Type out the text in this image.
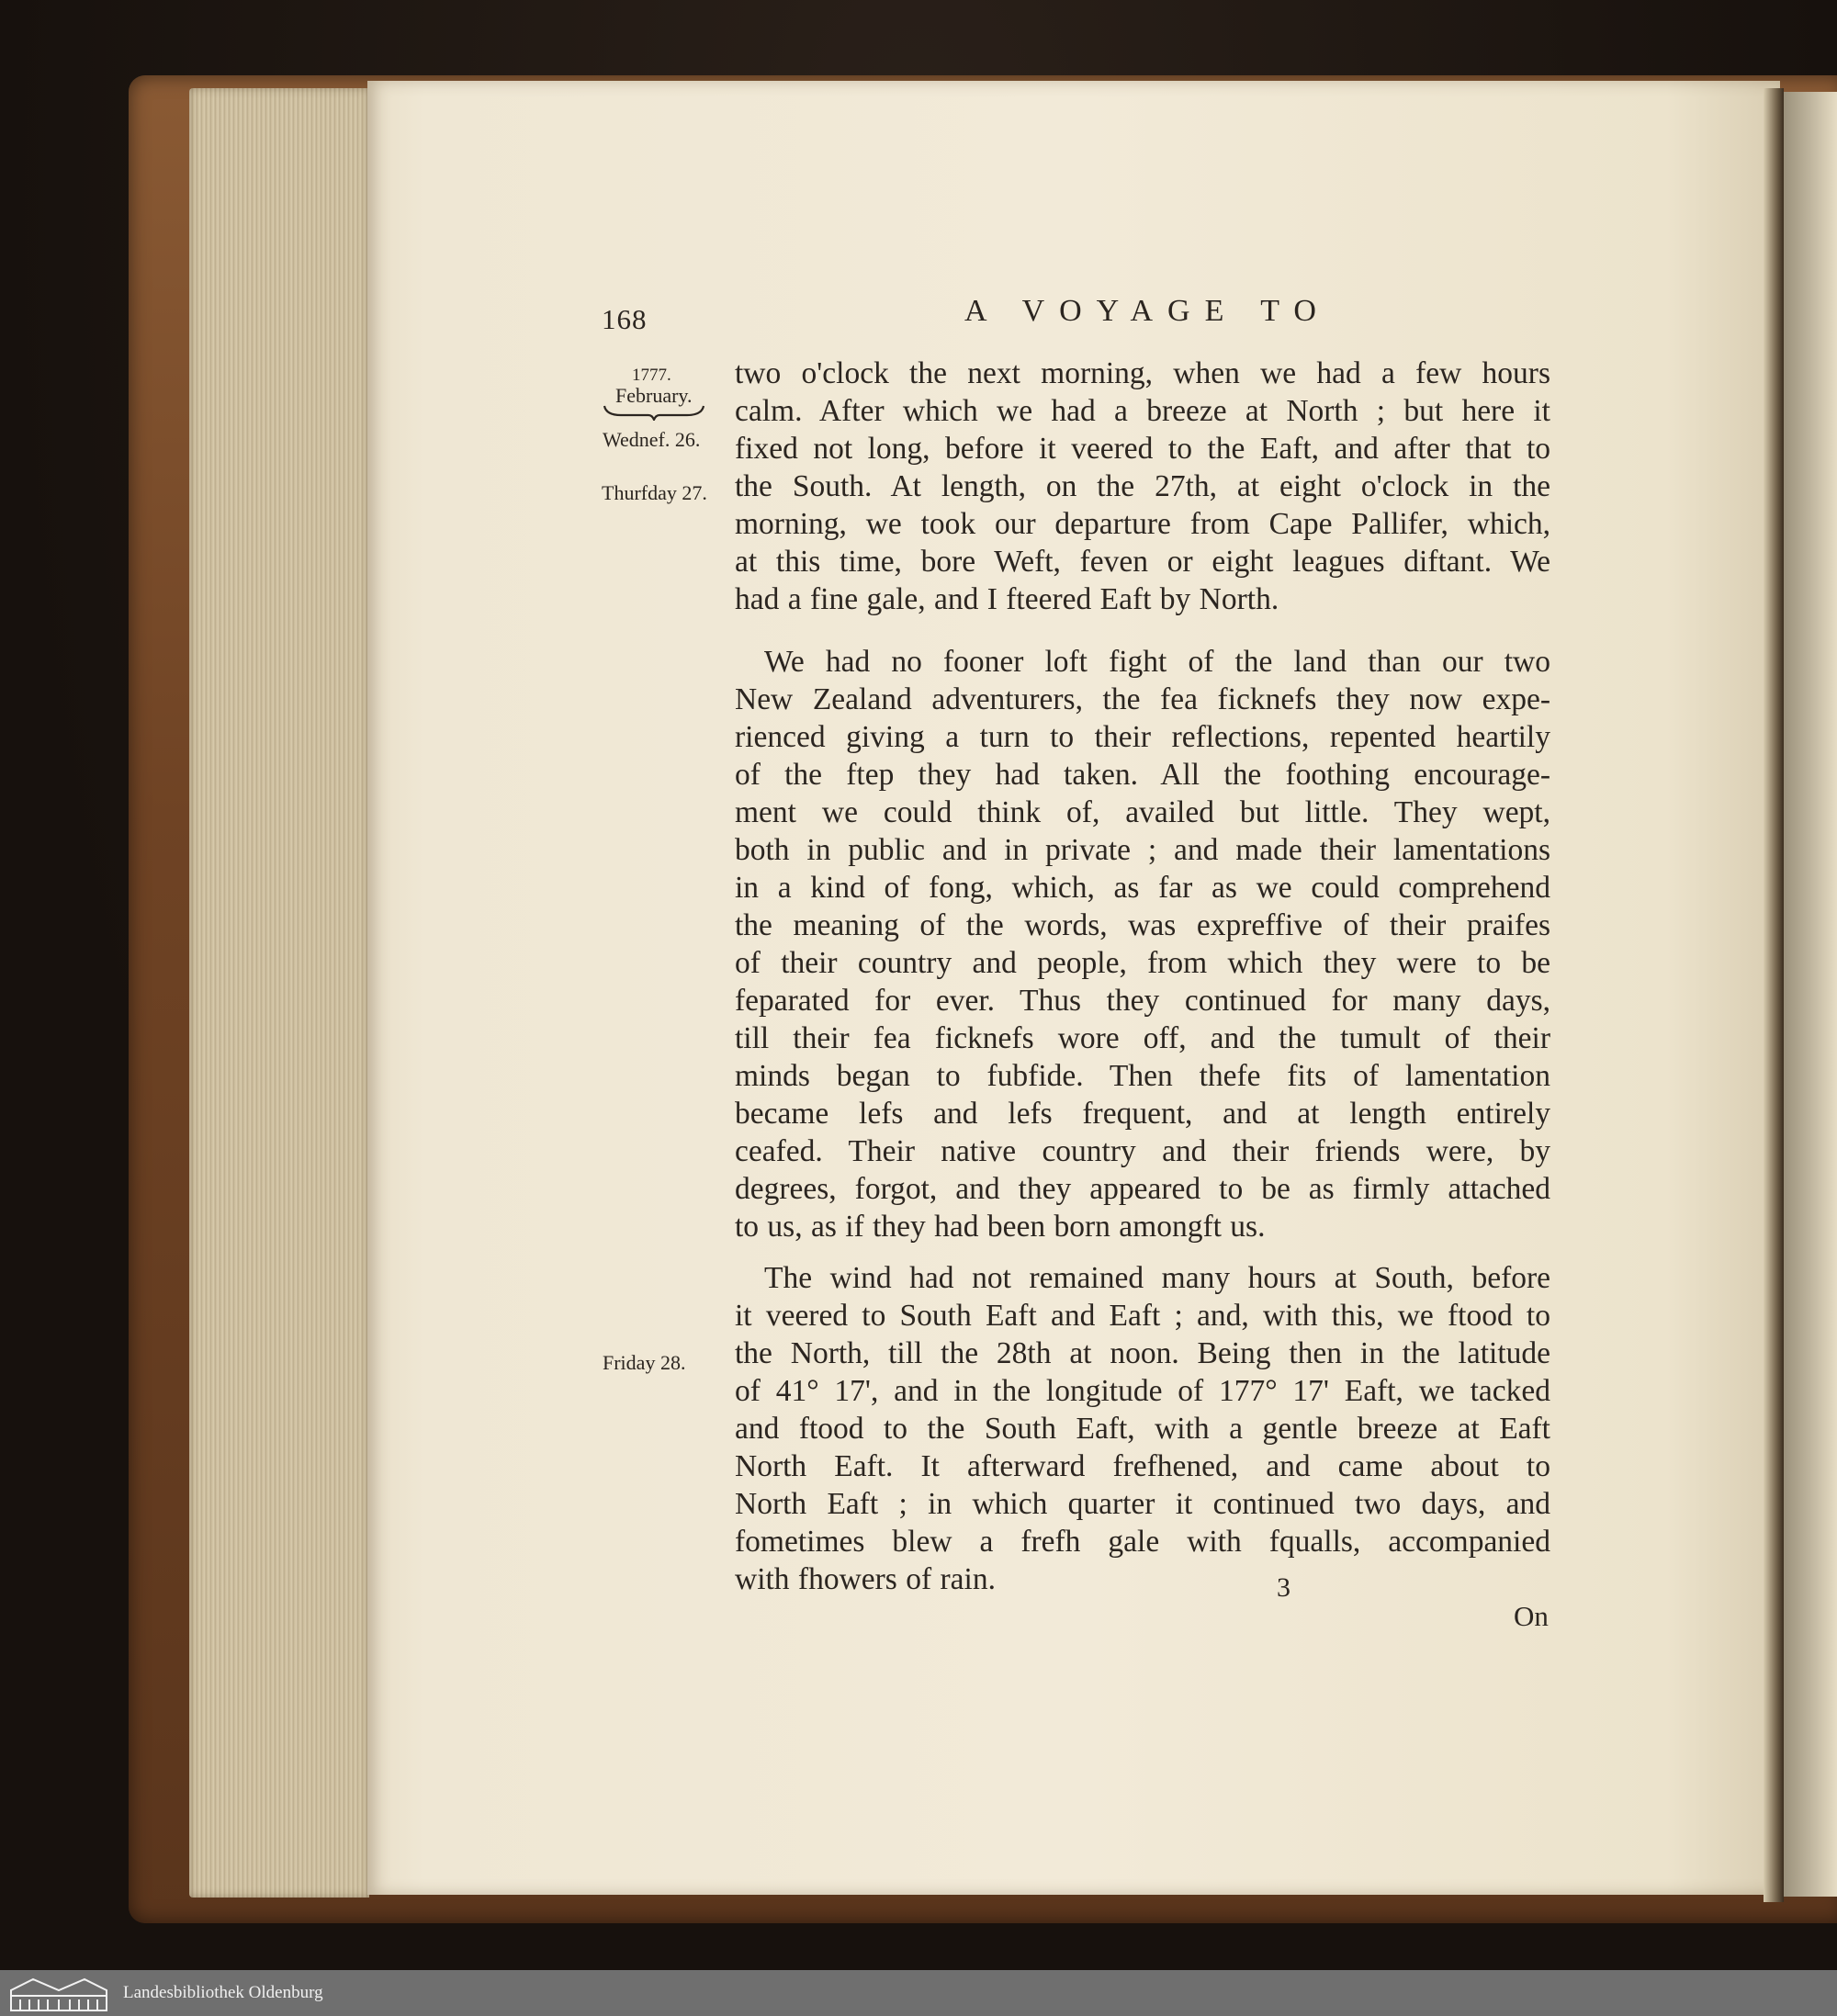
168	A VOYAGE TO
1777.
February.
Wednef. 26.
Thurfday 27.
Friday 28.
two o'clock the next morning, when we had a few hours
calm. After which we had a breeze at North ; but here it
fixed not long, before it veered to the Eaft, and after that to
the South. At length, on the 27th, at eight o'clock in the
morning, we took our departure from Cape Pallifer, which,
at this time, bore Weft, feven or eight leagues diftant. We
had a fine gale, and I fteered Eaft by North.
We had no fooner loft fight of the land than our two
New Zealand adventurers, the fea ficknefs they now expe-
rienced giving a turn to their reflections, repented heartily
of the ftep they had taken. All the foothing encourage-
ment we could think of, availed but little. They wept,
both in public and in private ; and made their lamentations
in a kind of fong, which, as far as we could comprehend
the meaning of the words, was expreffive of their praifes
of their country and people, from which they were to be
feparated for ever. Thus they continued for many days,
till their fea ficknefs wore off, and the tumult of their
minds began to fubfide. Then thefe fits of lamentation
became lefs and lefs frequent, and at length entirely
ceafed. Their native country and their friends were, by
degrees, forgot, and they appeared to be as firmly attached
to us, as if they had been born amongft us.
The wind had not remained many hours at South, before
it veered to South Eaft and Eaft ; and, with this, we ftood to
the North, till the 28th at noon. Being then in the latitude
of 41° 17', and in the longitude of 177° 17' Eaft, we tacked
and ftood to the South Eaft, with a gentle breeze at Eaft
North Eaft. It afterward frefhened, and came about to
North Eaft ; in which quarter it continued two days, and
fometimes blew a frefh gale with fqualls, accompanied
with fhowers of rain.	3
On
Landesbibliothek Oldenburg
